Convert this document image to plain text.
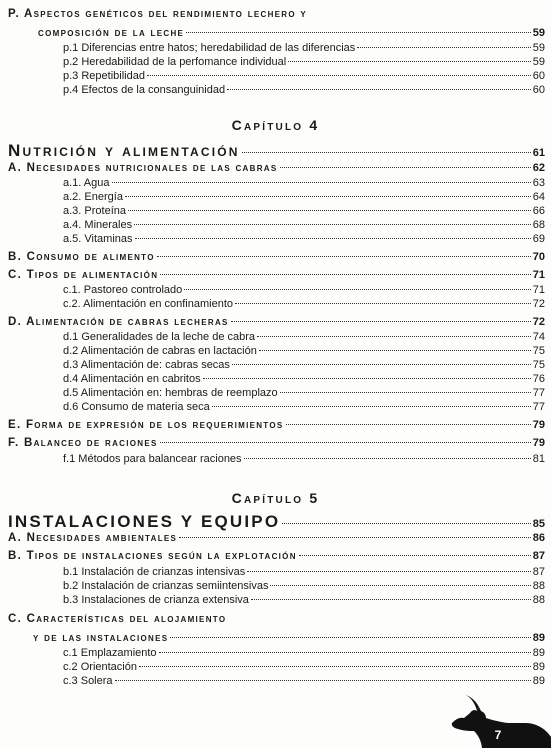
P. Aspectos genéticos del rendimiento lechero y
composición de la leche	59
p.1 Diferencias entre hatos; heredabilidad de las diferencias	59
p.2 Heredabilidad de la perfomance individual	59
p.3 Repetibilidad	60
p.4 Efectos de la consanguinidad	60
Capítulo 4
Nutrición y alimentación	61
A. Necesidades nutricionales de las cabras	62
a.1. Agua	63
a.2. Energía	64
a.3. Proteína	66
a.4. Minerales	68
a.5. Vitaminas	69
B. Consumo de alimento	70
C. Tipos de alimentación	71
c.1. Pastoreo controlado	71
c.2. Alimentación en confinamiento	72
D. Alimentación de cabras lecheras	72
d.1 Generalidades de la leche de cabra	74
d.2 Alimentación de cabras en lactación	75
d.3 Alimentación de: cabras secas	75
d.4 Alimentación en cabritos	76
d.5 Alimentación en: hembras de reemplazo	77
d.6 Consumo de materia seca	77
E. Forma de expresión de los requerimientos	79
F. Balanceo de raciones	79
f.1 Métodos para balancear raciones	81
Capítulo 5
INSTALACIONES Y EQUIPO	85
A. Necesidades ambientales	86
B. Tipos de instalaciones según la explotación	87
b.1 Instalación de crianzas intensivas	87
b.2 Instalación de crianzas semiintensivas	88
b.3 Instalaciones de crianza extensiva	88
C. Características del alojamiento
y de las instalaciones	89
c.1 Emplazamiento	89
c.2 Orientación	89
c.3 Solera	89
7
